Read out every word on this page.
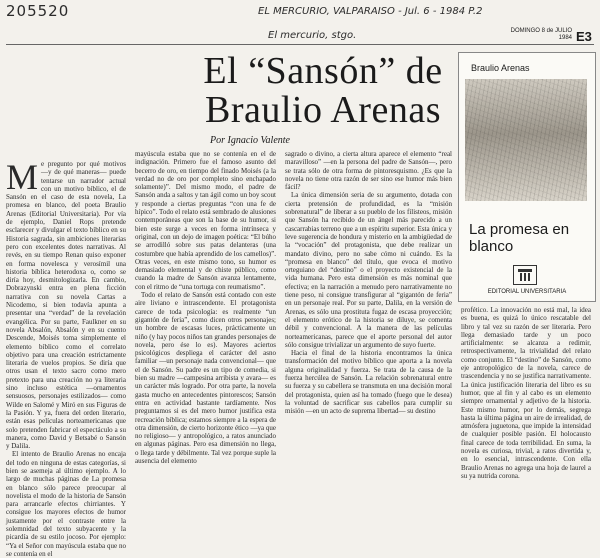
205520	EL MERCURIO, VALPARAISO - Jul. 6 - 1984 P.2
El mercurio, stgo.	DOMINGO 8 de JULIO 1984 E3
El “Sansón” de
Braulio Arenas
Por Ignacio Valente
M e pregunto por qué motivos —y de qué maneras— puede tentarse un narrador actual con un motivo bíblico, el de Sansón en el caso de esta novela, La promesa en blanco, del poeta Braulio Arenas (Editorial Universitaria). Por vía de ejemplo, Daniel Rops pretende esclarecer y divulgar el texto bíblico en su Historia sagrada, sin ambiciones literarias pero con excelentes dotes narrativas. Al revés, en su tiempo Renan quiso exponer en forma novelesca y verosímil una historia bíblica heterodoxa o, como se diría hoy, desmitologizarla. En cambio, Dobrazynski entra en plena ficción narrativa con su novela Cartas a Nicodemo, si bien todavía apunta a presentar una “verdad” de la revelación evangélica. Por su parte, Faulkner en su novela Absalón, Absalón y en su cuento Descende, Moisés toma simplemente el elemento bíblico como el correlato objetivo para una creación estrictamente literaria de vuelos propios. Se diría que otros usan el texto sacro como mero pretexto para una creación no ya literaria sino incluso estética —ornamentos sensuosos, personajes estilizados— como Wilde en Salomé y Miró en sus Figuras de la Pasión. Y ya, fuera del orden literario, están esas películas norteamericanas que solo pretenden fabricar el espectáculo a su manera, como David y Betsabé o Sansón y Dalila.

El intento de Braulio Arenas no encaja del todo en ninguna de estas categorías, si bien se asemeja al último ejemplo. A lo largo de muchas páginas de La promesa en blanco sólo parece preocupar al novelista el modo de la historia de Sansón para arrancarle efectos chirriantes. Y consigue los mayores efectos de humor justamente por el contraste entre la solemnidad del texto subyacente y la picardía de su estilo jocoso. Por ejemplo: “Ya el Señor con mayúscula estaba que no se contenía en el

mayúscula estaba que no se contenía en el de indignación. Primero fue el famoso asunto del becerro de oro, en tiempo del finado Moisés (a la verdad no de oro por completo sino enchapado solamente)”. Del mismo modo, el padre de Sansón anda a saltos y tan ágil como un boy scout y responde a ciertas preguntas “con una fe de hípico”. Todo el relato está sembrado de alusiones contemporáneas que son la base de su humor, si bien este surge a veces en forma intrínseca y original, con un dejo de imagen poética: “El búho se arrodilló sobre sus patas delanteras (una costumbre que había aprendido de los camellos)”. Otras veces, en este mismo tono, su humor es demasiado elemental y de chiste público, como cuando la madre de Sansón avanza lentamente, con el ritmo de “una tortuga con reumatismo”.

Todo el relato de Sansón está contado con este aire liviano e intrascendente. El protagonista carece de toda psicología: es realmente “un gigantón de feria”, como dicen otros personajes; un hombre de escasas luces, prácticamente un niño (y hay pocos niños tan grandes personajes de novela, pero ése lo es). Mayores aciertos psicológicos despliega el carácter del asno familiar —un personaje nada convencional— que el de Sansón. Su padre es un tipo de comedia, si bien su madre —campesina arribista y avara— es un carácter más logrado. Por otra parte, la novela gasta mucho en antecedentes pintorescos; Sansón entra en actividad bastante tardíamente. Nos preguntamos si es del mero humor justifica esta recreación bíblica; estamos siempre a la espera de otra dimensión, de cierto horizonte ético —ya que no religioso— y antropológico, a ratos anunciado en algunas páginas. Pero esa dimensión no llega, o llega tarde y débilmente. Tal vez porque suple la ausencia del elemento

sagrado o divino, a cierta altura aparece el elemento “real maravilloso” —en la persona del padre de Sansón—, pero se trata sólo de otra forma de pintoresquismo. ¿Es que la novela no tiene otra razón de ser sino ese humor más bien fácil?

La única dimensión seria de su argumento, dotada con cierta pretensión de profundidad, es la “misión sobrenatural” de liberar a su pueblo de los filisteos, misión que Sansón ha recibido de un ángel más parecido a un cascarrabias terreno que a un espíritu superior. Esta única y leve sugerencia de hondura y misterio en la ambigüedad de la “vocación” del protagonista, que debe realizar un mandato divino, pero no sabe cómo ni cuándo. Es la “promesa en blanco” del título, que evoca el motivo orteguiano del “destino” o el proyecto existencial de la vida humana. Pero esta dimensión es más nominal que efectiva; en la narración a menudo pero narrativamente no tiene peso, ni consigue transfigurar al “gigantón de feria” en un personaje real. Por su parte, Dalila, en la versión de Arenas, es sólo una prostituta fugaz de escasa proyección; el elemento erótico de la historia se diluye, se comenta débil y convencional. A la manera de las películas norteamericanas, parece que el aporte personal del autor sólo consigue trivializar un argumento de suyo fuerte.

Hacia el final de la historia encontramos la única transformación del motivo bíblico que aporta a la novela alguna originalidad y fuerza. Se trata de la causa de la fuerza hercúlea de Sansón. La relación sobrenatural entre su fuerza y su cabellera se transmuta en una decisión moral del protagonista, quien así ha tomado (fuego que le desea) la voluntad de sacrificar sus cabellos para cumplir su misión —en un acto de suprema libertad— su destino

Braulio Arenas
La promesa en blanco
EDITORIAL UNIVERSITARIA

profético. La innovación no está mal, la idea es buena, es quizá lo único rescatable del libro y tal vez su razón de ser literaria. Pero llega demasiado tarde y un poco artificialmente: se alcanza a redimir, retrospectivamente, la trivialidad del relato como conjunto. El “destino” de Sansón, como eje antropológico de la novela, carece de trascendencia y no se justifica narrativamente. La única justificación literaria del libro es su humor, que al fin y al cabo es un elemento siempre ornamental y adjetivo de la historia. Este mismo humor, por lo demás, segrega hasta la última página un aire de irrealidad, de atmósfera juguetona, que impide la intensidad de cualquier posible pasión. El holocausto final carece de toda terribilidad. En suma, la novela es curiosa, trivial, a ratos divertida y, en lo esencial, intrascendente. Con ella Braulio Arenas no agrega una hoja de laurel a su ya nutrida corona.
